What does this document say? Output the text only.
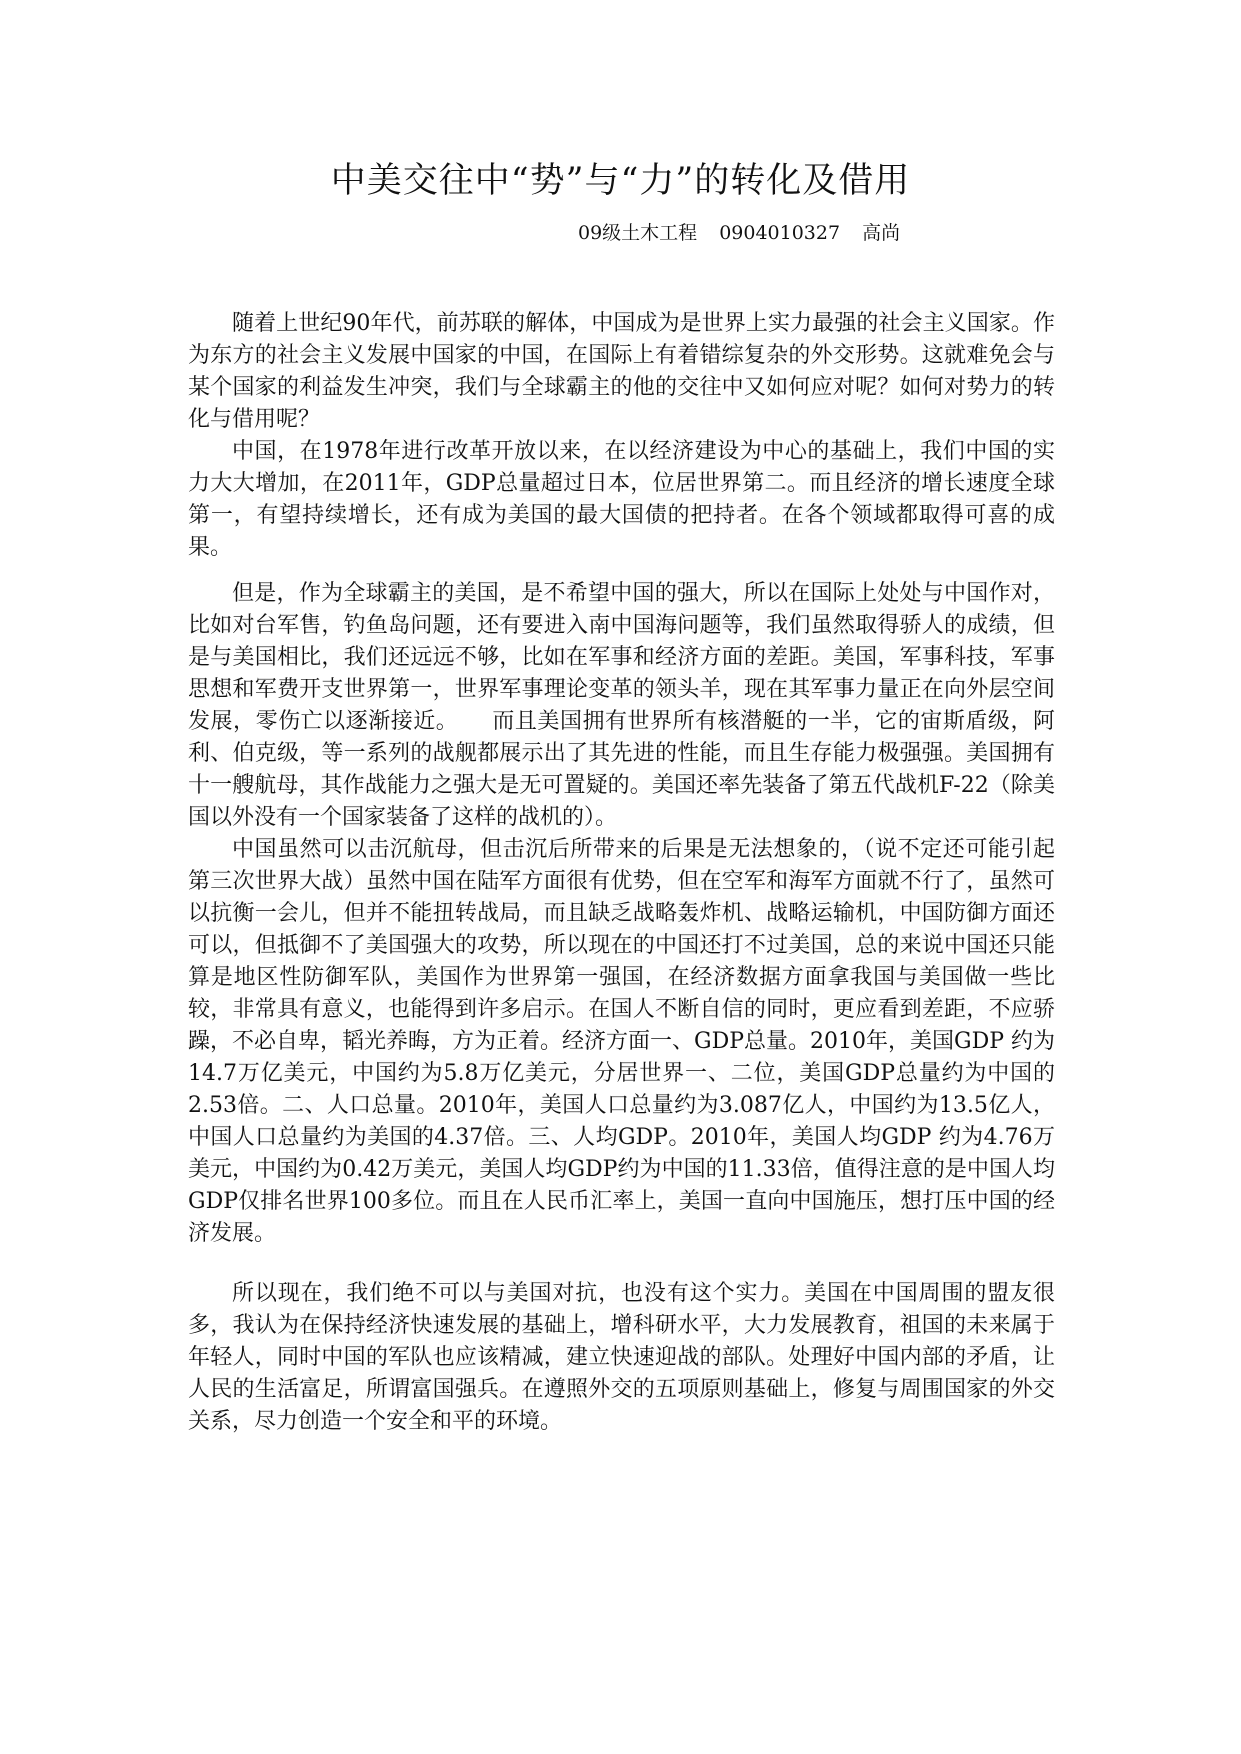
中美交往中“势”与“力”的转化及借用
09级土木工程 0904010327 高尚

随着上世纪90年代，前苏联的解体，中国成为是世界上实力最强的社会主义国家。作为东方的社会主义发展中国家的中国，在国际上有着错综复杂的外交形势。这就难免会与某个国家的利益发生冲突，我们与全球霸主的他的交往中又如何应对呢？如何对势力的转化与借用呢？

中国，在1978年进行改革开放以来，在以经济建设为中心的基础上，我们中国的实力大大增加，在2011年，GDP总量超过日本，位居世界第二。而且经济的增长速度全球第一，有望持续增长，还有成为美国的最大国债的把持者。在各个领域都取得可喜的成果。

但是，作为全球霸主的美国，是不希望中国的强大，所以在国际上处处与中国作对，比如对台军售，钓鱼岛问题，还有要进入南中国海问题等，我们虽然取得骄人的成绩，但是与美国相比，我们还远远不够，比如在军事和经济方面的差距。美国，军事科技，军事思想和军费开支世界第一，世界军事理论变革的领头羊，现在其军事力量正在向外层空间发展，零伤亡以逐渐接近。　　而且美国拥有世界所有核潜艇的一半，它的宙斯盾级，阿利、伯克级，等一系列的战舰都展示出了其先进的性能，而且生存能力极强强。美国拥有十一艘航母，其作战能力之强大是无可置疑的。美国还率先装备了第五代战机F-22（除美国以外没有一个国家装备了这样的战机的）。

中国虽然可以击沉航母，但击沉后所带来的后果是无法想象的，（说不定还可能引起第三次世界大战）虽然中国在陆军方面很有优势，但在空军和海军方面就不行了，虽然可以抗衡一会儿，但并不能扭转战局，而且缺乏战略轰炸机、战略运输机，中国防御方面还可以，但抵御不了美国强大的攻势，所以现在的中国还打不过美国，总的来说中国还只能算是地区性防御军队，美国作为世界第一强国，在经济数据方面拿我国与美国做一些比较，非常具有意义，也能得到许多启示。在国人不断自信的同时，更应看到差距，不应骄躁，不必自卑，韬光养晦，方为正着。经济方面一、GDP总量。2010年，美国GDP 约为14.7万亿美元，中国约为5.8万亿美元，分居世界一、二位，美国GDP总量约为中国的2.53倍。二、人口总量。2010年，美国人口总量约为3.087亿人，中国约为13.5亿人，中国人口总量约为美国的4.37倍。三、人均GDP。2010年，美国人均GDP 约为4.76万美元，中国约为0.42万美元，美国人均GDP约为中国的11.33倍，值得注意的是中国人均GDP仅排名世界100多位。而且在人民币汇率上，美国一直向中国施压，想打压中国的经济发展。

所以现在，我们绝不可以与美国对抗，也没有这个实力。美国在中国周围的盟友很多，我认为在保持经济快速发展的基础上，增科研水平，大力发展教育，祖国的未来属于年轻人，同时中国的军队也应该精减，建立快速迎战的部队。处理好中国内部的矛盾，让人民的生活富足，所谓富国强兵。在遵照外交的五项原则基础上，修复与周围国家的外交关系，尽力创造一个安全和平的环境。
